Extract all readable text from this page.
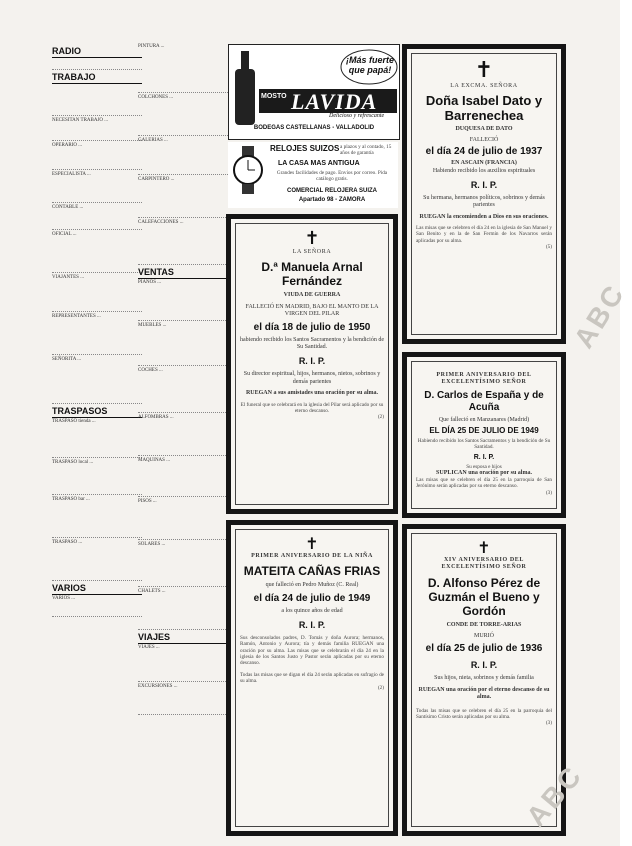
RADIO
TRABAJO
NECESITAN TRABAJO ...
OPERARIO ...
ESPECIALISTA ...
CONTABLE ...
OFICIAL ...
VIAJANTES ...
REPRESENTANTES ...
SEÑORITA ...
TRASPASOS
TRASPASO tienda ...
TRASPASO local ...
TRASPASO bar ...
TRASPASO ...
VARIOS
VARIOS ...
PINTURA ...
COLCHONES ...
GALERIAS ...
CARPINTERO ...
CALEFACCIONES ...
VENTAS
PIANOS ...
MUEBLES ...
COCHES ...
ALFOMBRAS ...
MAQUINAS ...
PISOS ...
SOLARES ...
CHALETS ...
VIAJES
VIAJES ...
EXCURSIONES ...
¡Más fuerte que papá!
MOSTO LAVIDA
Delicioso y refrescante
BODEGAS CASTELLANAS - VALLADOLID
RELOJES SUIZOS a plazos y al contado, 15 años de garantía
LA CASA MAS ANTIGUA
Grandes facilidades de pago. Envíos por correo. Pida catálogo gratis.
COMERCIAL RELOJERA SUIZA
Apartado 98 - ZAMORA
✝
LA SEÑORA
D.ª Manuela Arnal Fernández
VIUDA DE GUERRA
FALLECIÓ EN MADRID, BAJO EL MANTO DE LA VIRGEN DEL PILAR
el día 18 de julio de 1950
habiendo recibido los Santos Sacramentos y la bendición de Su Santidad.
R. I. P.
Su director espiritual, hijos, hermanos, nietos, sobrinos y demás parientes
RUEGAN a sus amistades una oración por su alma.
El funeral que se celebrará en la iglesia del Pilar será aplicado por su eterno descanso.
(2)
✝
PRIMER ANIVERSARIO DE LA NIÑA
MATEITA CAÑAS FRIAS
que falleció en Pedro Muñoz (C. Real)
el día 24 de julio de 1949
a los quince años de edad
R. I. P.
Sus desconsolados padres, D. Tomás y doña Aurora; hermanos, Ramón, Antonio y Aurora; tía y demás familia RUEGAN una oración por su alma. Las misas que se celebrarán el día 24 en la iglesia de los Santos Justo y Pastor serán aplicadas por su eterno descanso.
Todas las misas que se digan el día 24 serán aplicadas en sufragio de su alma.
(2)
✝
LA EXCMA. SEÑORA
Doña Isabel Dato y Barrenechea
DUQUESA DE DATO
FALLECIÓ
el día 24 de julio de 1937
EN ASCAIN (FRANCIA)
Habiendo recibido los auxilios espirituales
R. I. P.
Su hermana, hermanos políticos, sobrinos y demás parientes
RUEGAN la encomienden a Dios en sus oraciones.
Las misas que se celebren el día 24 en la iglesia de San Manuel y San Benito y en la de San Fermín de los Navarros serán aplicadas por su alma.
(5)
PRIMER ANIVERSARIO DEL EXCELENTÍSIMO SEÑOR
D. Carlos de España y de Acuña
Que falleció en Manzanares (Madrid)
EL DÍA 25 DE JULIO DE 1949
Habiendo recibido los Santos Sacramentos y la bendición de Su Santidad.
R. I. P.
Su esposa e hijos
SUPLICAN una oración por su alma.
Las misas que se celebren el día 25 en la parroquia de San Jerónimo serán aplicadas por su eterno descanso.
(3)
✝
XIV ANIVERSARIO DEL EXCELENTÍSIMO SEÑOR
D. Alfonso Pérez de Guzmán el Bueno y Gordón
CONDE DE TORRE-ARIAS
MURIÓ
el día 25 de julio de 1936
R. I. P.
Sus hijos, nieta, sobrinos y demás familia
RUEGAN una oración por el eterno descanso de su alma.
Todas las misas que se celebren el día 25 en la parroquia del Santísimo Cristo serán aplicadas por su alma.
(3)
ABC
ABC
